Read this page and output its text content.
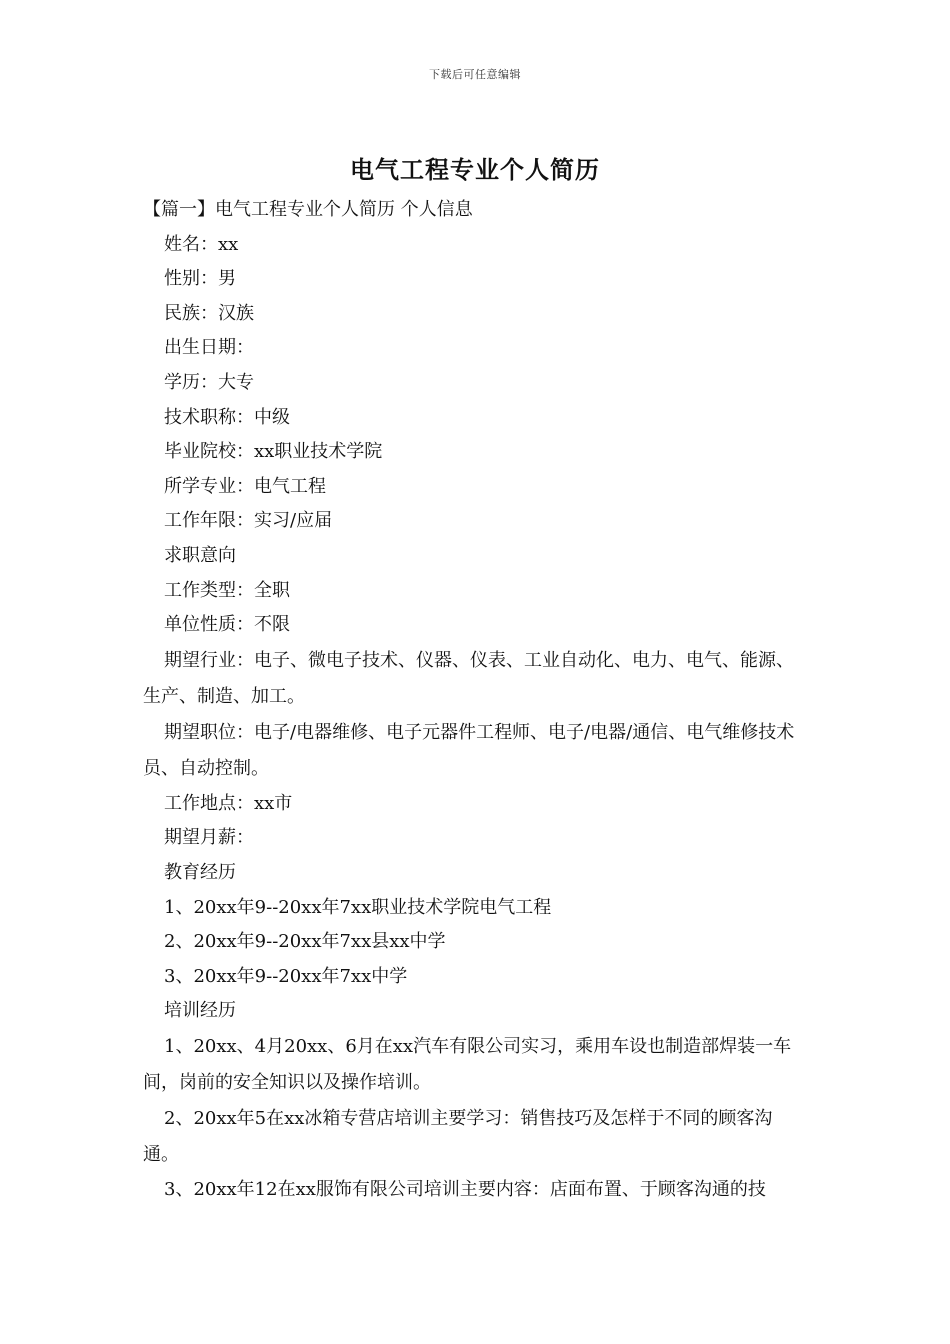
下载后可任意编辑
电气工程专业个人简历

【篇一】电气工程专业个人简历 个人信息

姓名：xx

性别：男

民族：汉族

出生日期：

学历：大专

技术职称：中级

毕业院校：xx职业技术学院

所学专业：电气工程

工作年限：实习/应届

求职意向

工作类型：全职

单位性质：不限

期望行业：电子、微电子技术、仪器、仪表、工业自动化、电力、电气、能源、生产、制造、加工。

期望职位：电子/电器维修、电子元器件工程师、电子/电器/通信、电气维修技术员、自动控制。

工作地点：xx市

期望月薪：

教育经历

1、20xx年9--20xx年7xx职业技术学院电气工程

2、20xx年9--20xx年7xx县xx中学

3、20xx年9--20xx年7xx中学

培训经历

1、20xx、4月20xx、6月在xx汽车有限公司实习，乘用车设也制造部焊装一车间，岗前的安全知识以及操作培训。

2、20xx年5在xx冰箱专营店培训主要学习：销售技巧及怎样于不同的顾客沟通。

3、20xx年12在xx服饰有限公司培训主要内容：店面布置、于顾客沟通的技
